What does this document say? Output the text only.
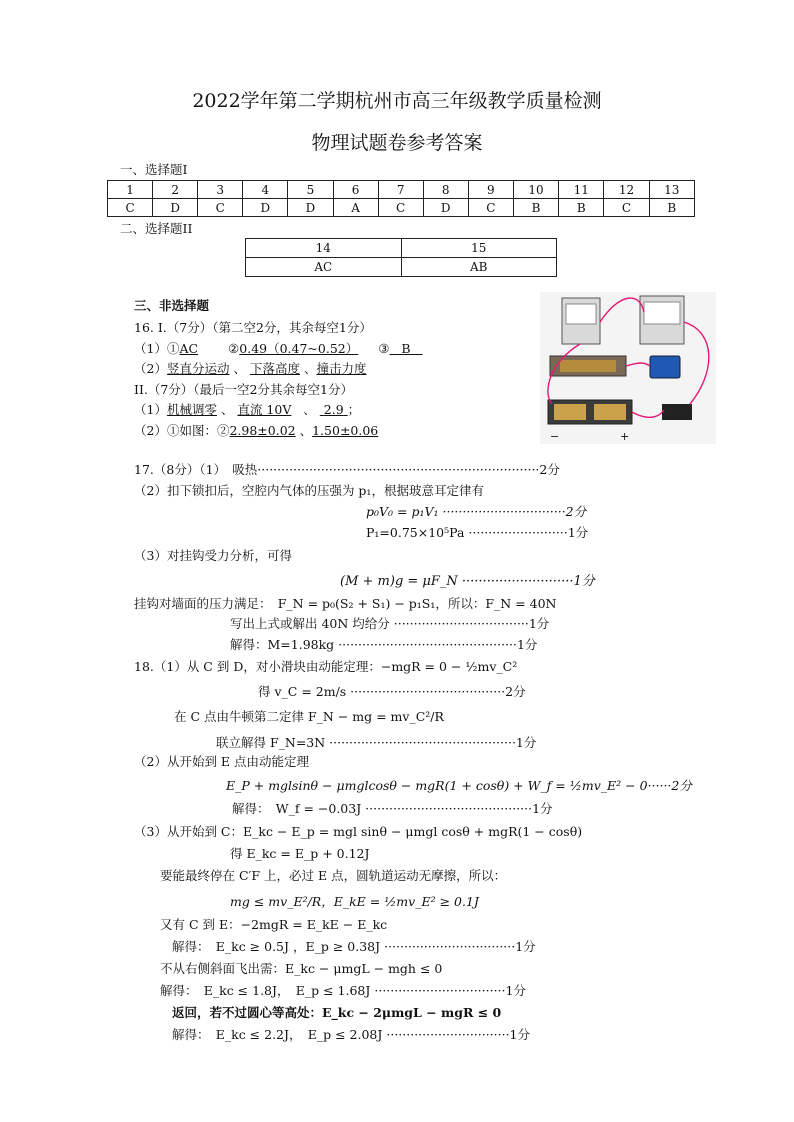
2022学年第二学期杭州市高三年级教学质量检测
物理试题卷参考答案
一、选择题I
1	2	3	4	5	6	7	8	9	10	11	12	13
C	D	C	D	D	A	C	D	C	B	B	C	B
二、选择题II
14	15
AC	AB
三、非选择题
16. I.（7分）（第二空2分，其余每空1分）
（1）①AC ②0.49（0.47~0.52） ③ B
（2）竖直分运动 、 下落高度 、撞击力度
II.（7分）（最后一空2分其余每空1分）
（1）机械调零 、 直流 10V 、 2.9 ；
（2）①如图：②2.98±0.02 、1.50±0.06	−	+
17.（8分）（1）　吸热·······································································2分
（2）扣下锁扣后，空腔内气体的压强为 p₁，根据玻意耳定律有
p₀V₀ = p₁V₁ ·······························2分
P₁=0.75×10⁵Pa ·························1分
（3）对挂钩受力分析，可得
(M + m)g = μF_N ···························1分
挂钩对墙面的压力满足：　F_N = p₀(S₂ + S₁) − p₁S₁，所以：F_N = 40N
写出上式或解出 40N 均给分 ··································1分
解得：M=1.98kg ·············································1分
18.（1）从 C 到 D，对小滑块由动能定理：−mgR = 0 − ½mv_C²
得 v_C = 2m/s ·······································2分
在 C 点由牛顿第二定律 F_N − mg = mv_C²/R
联立解得 F_N=3N ···············································1分
（2）从开始到 E 点由动能定理
E_P + mglsinθ − μmglcosθ − mgR(1 + cosθ) + W_f = ½mv_E² − 0······2分
解得：　W_f = −0.03J ··········································1分
（3）从开始到 C：E_kc − E_p = mgl sinθ − μmgl cosθ + mgR(1 − cosθ)
得 E_kc = E_p + 0.12J
要能最终停在 C′F 上，必过 E 点，圆轨道运动无摩擦，所以：
mg ≤ mv_E²/R，E_kE = ½mv_E² ≥ 0.1J
又有 C 到 E：−2mgR = E_kE − E_kc
解得：　E_kc ≥ 0.5J ，E_p ≥ 0.38J ·································1分
不从右侧斜面飞出需：E_kc − μmgL − mgh ≤ 0
解得：　E_kc ≤ 1.8J，　E_p ≤ 1.68J ·································1分
返回，若不过圆心等高处：E_kc − 2μmgL − mgR ≤ 0
解得：　E_kc ≤ 2.2J，　E_p ≤ 2.08J ·······························1分
